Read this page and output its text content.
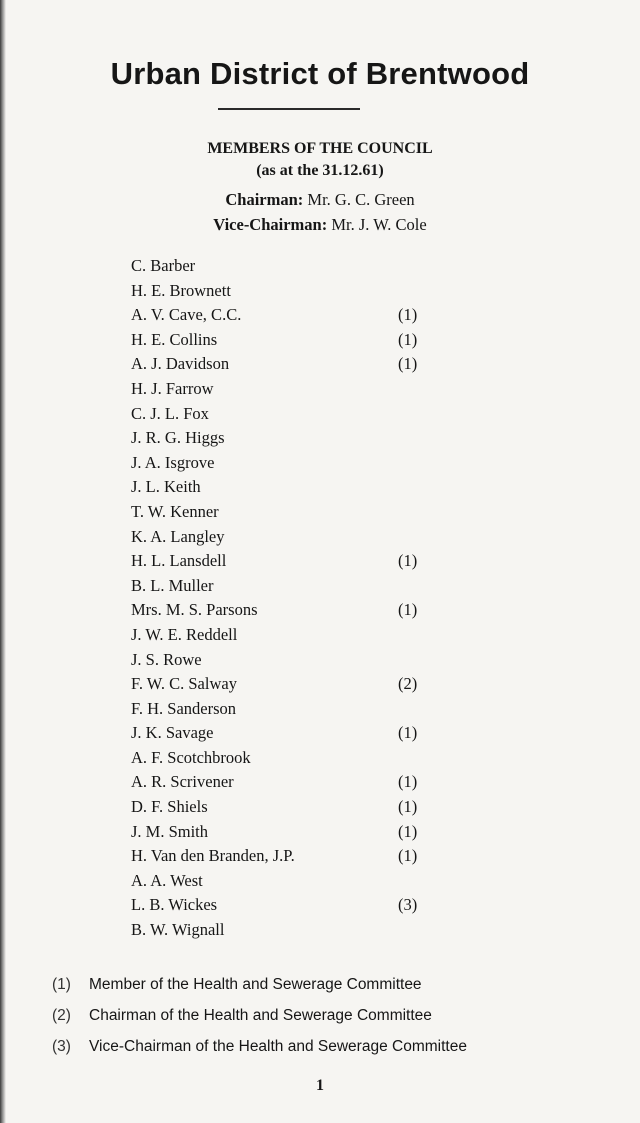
Urban District of Brentwood
MEMBERS OF THE COUNCIL
(as at the 31.12.61)
Chairman: Mr. G. C. Green
Vice-Chairman: Mr. J. W. Cole
C. Barber
H. E. Brownett
A. V. Cave, C.C.	(1)
H. E. Collins	(1)
A. J. Davidson	(1)
H. J. Farrow
C. J. L. Fox
J. R. G. Higgs
J. A. Isgrove
J. L. Keith
T. W. Kenner
K. A. Langley
H. L. Lansdell	(1)
B. L. Muller
Mrs. M. S. Parsons	(1)
J. W. E. Reddell
J. S. Rowe
F. W. C. Salway	(2)
F. H. Sanderson
J. K. Savage	(1)
A. F. Scotchbrook
A. R. Scrivener	(1)
D. F. Shiels	(1)
J. M. Smith	(1)
H. Van den Branden, J.P.	(1)
A. A. West
L. B. Wickes	(3)
B. W. Wignall
(1) Member of the Health and Sewerage Committee
(2) Chairman of the Health and Sewerage Committee
(3) Vice-Chairman of the Health and Sewerage Committee
1
